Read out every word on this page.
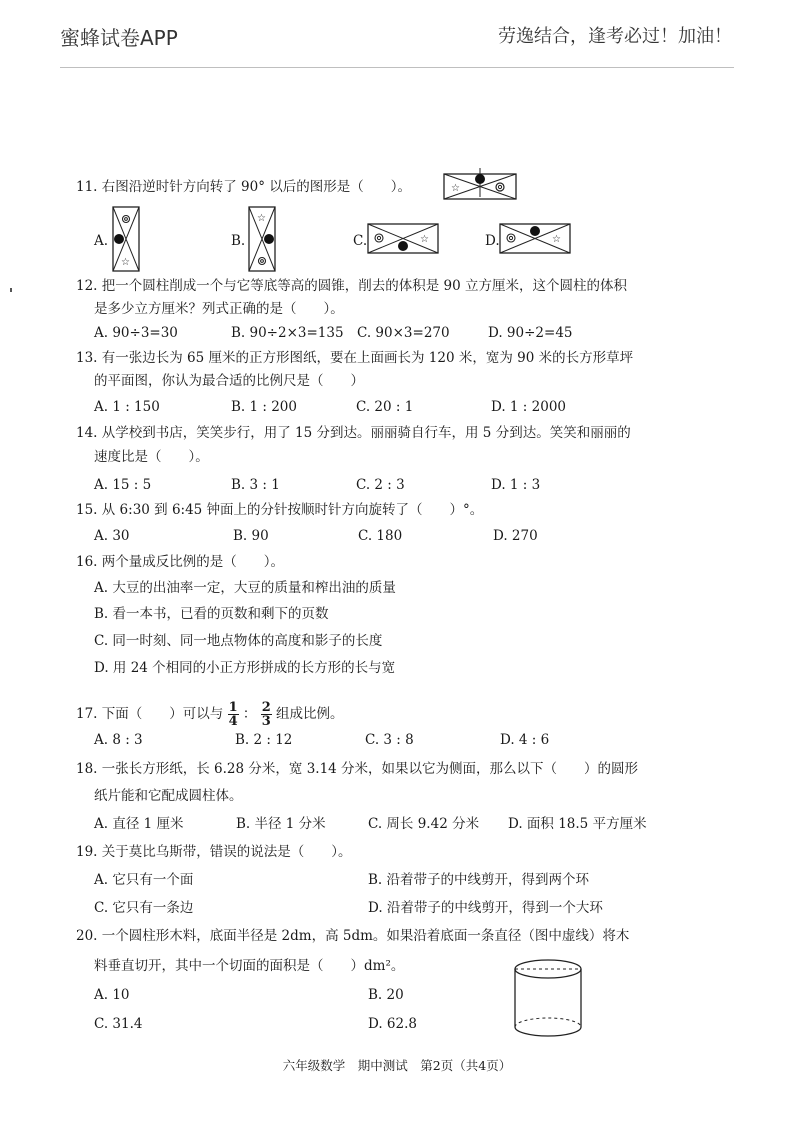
蜜蜂试卷APP	劳逸结合，逢考必过！加油！
11. 右图沿逆时针方向转了 90° 以后的图形是（　　）。	☆
A.
☆
B.
☆
C.	☆	D.	☆
12. 把一个圆柱削成一个与它等底等高的圆锥，削去的体积是 90 立方厘米，这个圆柱的体积
是多少立方厘米？列式正确的是（　　）。
A. 90÷3=30	B. 90÷2×3=135 C. 90×3=270	D. 90÷2=45
13. 有一张边长为 65 厘米的正方形图纸，要在上面画长为 120 米，宽为 90 米的长方形草坪
的平面图，你认为最合适的比例尺是（　　）
A. 1 : 150	B. 1 : 200	C. 20 : 1	D. 1 : 2000
14. 从学校到书店，笑笑步行，用了 15 分到达。丽丽骑自行车，用 5 分到达。笑笑和丽丽的
速度比是（　　）。
A. 15 : 5	B. 3 : 1	C. 2 : 3	D. 1 : 3
15. 从 6:30 到 6:45 钟面上的分针按顺时针方向旋转了（　　）°。
A. 30	B. 90	C. 180	D. 270
16. 两个量成反比例的是（　　）。
A. 大豆的出油率一定，大豆的质量和榨出油的质量
B. 看一本书，已看的页数和剩下的页数
C. 同一时刻、同一地点物体的高度和影子的长度
D. 用 24 个相同的小正方形拼成的长方形的长与宽
17. 下面（　　）可以与 $\frac{1}{4}$ ： $\frac{2}{3}$ 组成比例。
A. 8 : 3	B. 2 : 12	C. 3 : 8	D. 4 : 6
18. 一张长方形纸，长 6.28 分米，宽 3.14 分米，如果以它为侧面，那么以下（　　）的圆形
纸片能和它配成圆柱体。
A. 直径 1 厘米	B. 半径 1 分米	C. 周长 9.42 分米 D. 面积 18.5 平方厘米
19. 关于莫比乌斯带，错误的说法是（　　）。
A. 它只有一个面	B. 沿着带子的中线剪开，得到两个环
C. 它只有一条边	D. 沿着带子的中线剪开，得到一个大环
20. 一个圆柱形木料，底面半径是 2dm，高 5dm。如果沿着底面一条直径（图中虚线）将木
料垂直切开，其中一个切面的面积是（　　）dm²。
A. 10	B. 20
C. 31.4	D. 62.8
六年级数学　期中测试　第2页（共4页）
